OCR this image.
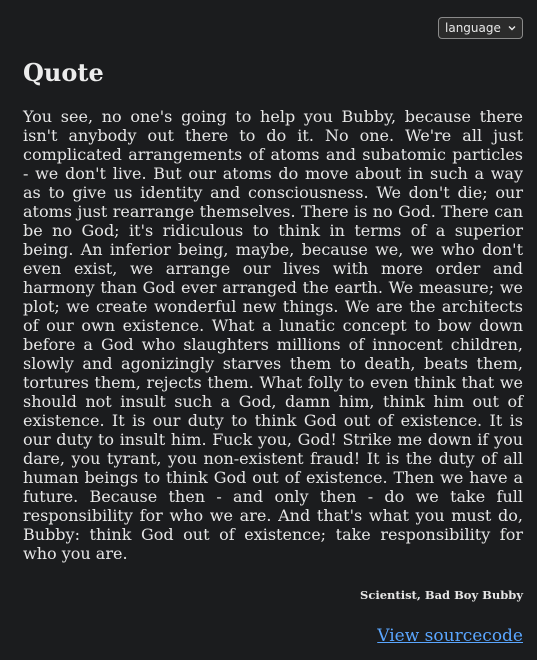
language
Quote

You see, no one's going to help you Bubby, because there isn't anybody out there to do it. No one. We're all just complicated arrangements of atoms and subatomic particles - we don't live. But our atoms do move about in such a way as to give us identity and consciousness. We don't die; our atoms just rearrange themselves. There is no God. There can be no God; it's ridiculous to think in terms of a superior being. An inferior being, maybe, because we, we who don't even exist, we arrange our lives with more order and harmony than God ever arranged the earth. We measure; we plot; we create wonderful new things. We are the architects of our own existence. What a lunatic concept to bow down before a God who slaughters millions of innocent children, slowly and agonizingly starves them to death, beats them, tortures them, rejects them. What folly to even think that we should not insult such a God, damn him, think him out of existence. It is our duty to think God out of existence. It is our duty to insult him. Fuck you, God! Strike me down if you dare, you tyrant, you non-existent fraud! It is the duty of all human beings to think God out of existence. Then we have a future. Because then - and only then - do we take full responsibility for who we are. And that's what you must do, Bubby: think God out of existence; take responsibility for who you are.

Scientist, Bad Boy Bubby

View sourcecode
